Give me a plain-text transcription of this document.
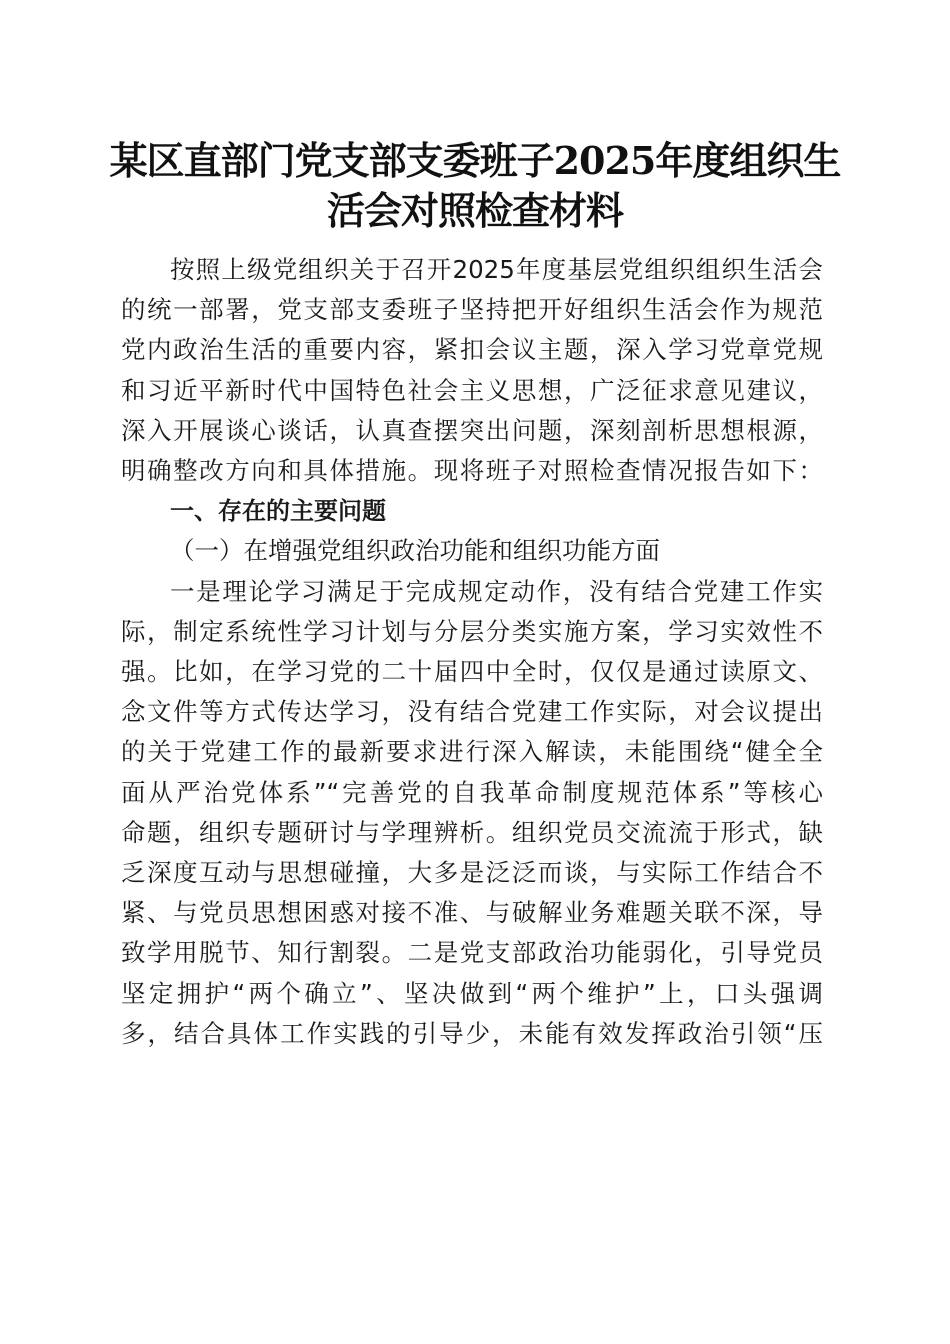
某区直部门党支部支委班子2025年度组织生
活会对照检查材料

按照上级党组织关于召开2025年度基层党组织组织生活会
的统一部署，党支部支委班子坚持把开好组织生活会作为规范
党内政治生活的重要内容，紧扣会议主题，深入学习党章党规
和习近平新时代中国特色社会主义思想，广泛征求意见建议，
深入开展谈心谈话，认真查摆突出问题，深刻剖析思想根源，
明确整改方向和具体措施。现将班子对照检查情况报告如下：

一、存在的主要问题

（一）在增强党组织政治功能和组织功能方面

一是理论学习满足于完成规定动作，没有结合党建工作实
际，制定系统性学习计划与分层分类实施方案，学习实效性不
强。比如，在学习党的二十届四中全时，仅仅是通过读原文、
念文件等方式传达学习，没有结合党建工作实际，对会议提出
的关于党建工作的最新要求进行深入解读，未能围绕“健全全
面从严治党体系”“完善党的自我革命制度规范体系”等核心
命题，组织专题研讨与学理辨析。组织党员交流流于形式，缺
乏深度互动与思想碰撞，大多是泛泛而谈，与实际工作结合不
紧、与党员思想困惑对接不准、与破解业务难题关联不深，导
致学用脱节、知行割裂。二是党支部政治功能弱化，引导党员
坚定拥护“两个确立”、坚决做到“两个维护”上，口头强调
多，结合具体工作实践的引导少，未能有效发挥政治引领“压
